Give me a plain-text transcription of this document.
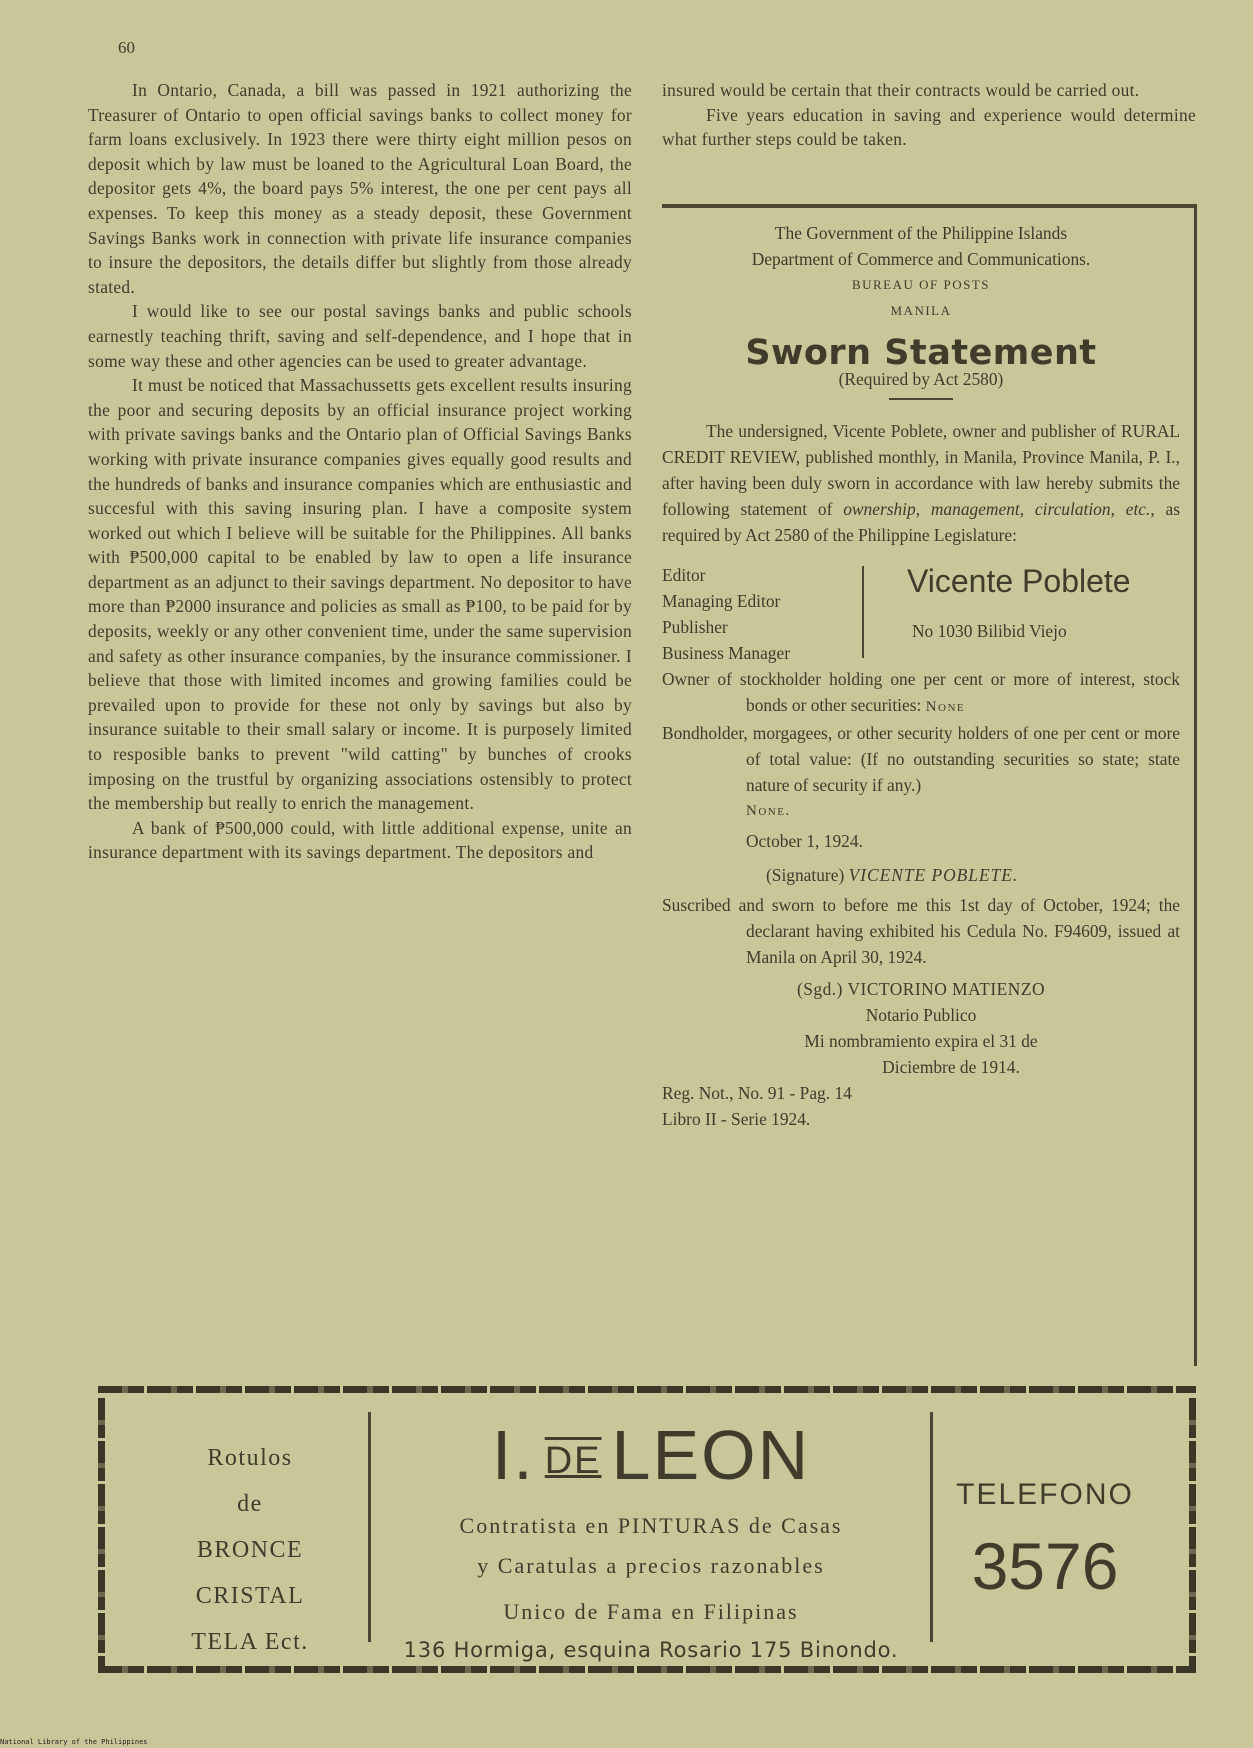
60

In Ontario, Canada, a bill was passed in 1921 authorizing the Treasurer of Ontario to open official savings banks to collect money for farm loans exclusively. In 1923 there were thirty eight million pesos on deposit which by law must be loaned to the Agricultural Loan Board, the depositor gets 4%, the board pays 5% interest, the one per cent pays all expenses. To keep this money as a steady deposit, these Government Savings Banks work in connection with private life insurance companies to insure the depositors, the details differ but slightly from those already stated.

I would like to see our postal savings banks and public schools earnestly teaching thrift, saving and self-dependence, and I hope that in some way these and other agencies can be used to greater advantage.

It must be noticed that Massachussetts gets excellent results insuring the poor and securing deposits by an official insurance project working with private savings banks and the Ontario plan of Official Savings Banks working with private insurance companies gives equally good results and the hundreds of banks and insurance companies which are enthusiastic and succesful with this saving insuring plan. I have a composite system worked out which I believe will be suitable for the Philippines. All banks with ₱500,000 capital to be enabled by law to open a life insurance department as an adjunct to their savings department. No depositor to have more than ₱2000 insurance and policies as small as ₱100, to be paid for by deposits, weekly or any other convenient time, under the same supervision and safety as other insurance companies, by the insurance commissioner. I believe that those with limited incomes and growing families could be prevailed upon to provide for these not only by savings but also by insurance suitable to their small salary or income. It is purposely limited to resposible banks to prevent "wild catting" by bunches of crooks imposing on the trustful by organizing associations ostensibly to protect the membership but really to enrich the management.

A bank of ₱500,000 could, with little additional expense, unite an insurance department with its savings department. The depositors and

insured would be certain that their contracts would be carried out.

Five years education in saving and experience would determine what further steps could be taken.

The Government of the Philippine Islands
Department of Commerce and Communications.
BUREAU OF POSTS
MANILA
Sworn Statement
(Required by Act 2580)

The undersigned, Vicente Poblete, owner and publisher of RURAL CREDIT REVIEW, published monthly, in Manila, Province Manila, P. I., after having been duly sworn in accordance with law hereby submits the following statement of ownership, management, circulation, etc., as required by Act 2580 of the Philippine Legislature:

Editor
Managing Editor
Publisher
Business Manager
Vicente Poblete
No 1030 Bilibid Viejo

Owner of stockholder holding one per cent or more of interest, stock bonds or other securities: None

Bondholder, morgagees, or other security holders of one per cent or more of total value: (If no outstanding securities so state; state nature of security if any.)

None.

October 1, 1924.

(Signature) VICENTE POBLETE.

Suscribed and sworn to before me this 1st day of October, 1924; the declarant having exhibited his Cedula No. F94609, issued at Manila on April 30, 1924.

(Sgd.) VICTORINO MATIENZO

Notario Publico

Mi nombramiento expira el 31 de

Diciembre de 1914.

Reg. Not., No. 91 - Pag. 14

Libro II - Serie 1924.

Rotulos
de
BRONCE
CRISTAL
TELA Ect.
I. DE LEON
Contratista en PINTURAS de Casas
y Caratulas a precios razonables
Unico de Fama en Filipinas
136 Hormiga, esquina Rosario 175 Binondo.
TELEFONO
3576
National Library of the Philippines
